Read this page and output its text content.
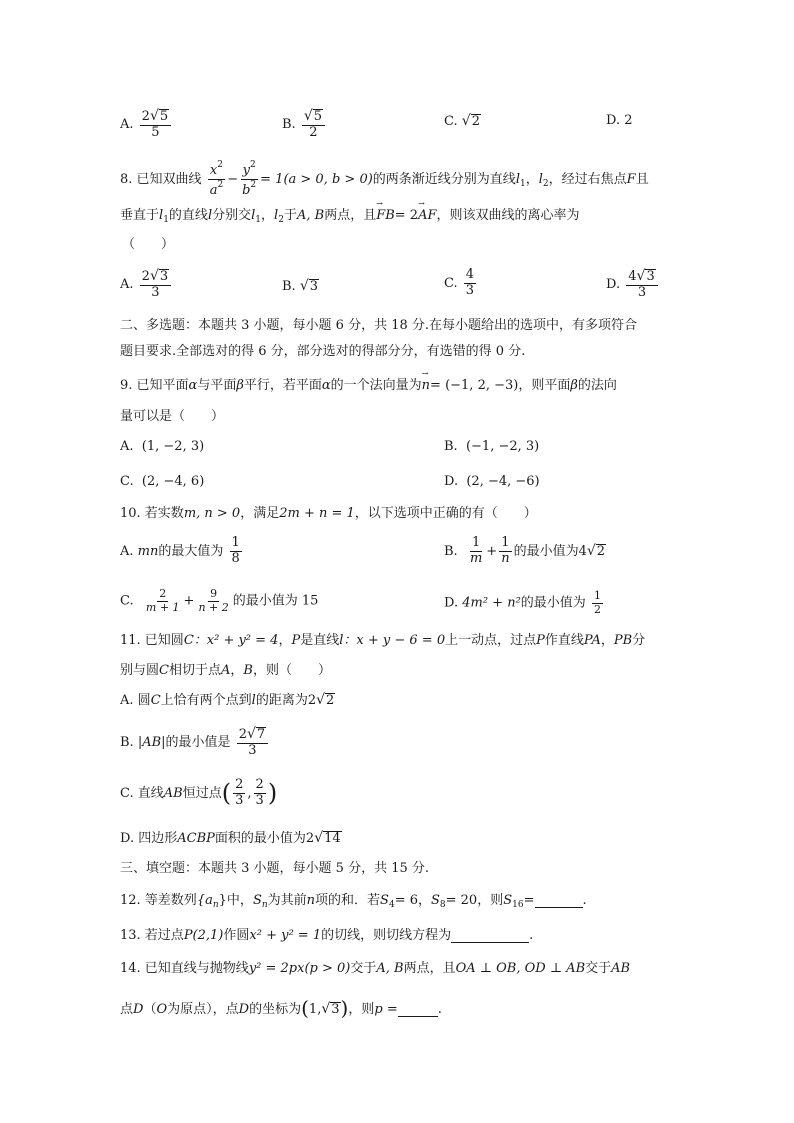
A. $\frac{2√5}{5}$	B. $\frac{√5}{2}$	C. √2	D. 2
8. 已知双曲线 $\frac{x^2}{a^2} - \frac{y^2}{b^2} = 1(a > 0$, b > 0)的两条渐近线分别为直线$l_1$，$l_2$，经过右焦点F且
垂直于$l_1$的直线l分别交$l_1$，$l_2$于A, B两点，且→ FB= 2→ AF，则该双曲线的离心率为
（　　）
A. $\frac{2√3}{3}$	B. √3	C. $\frac{4}{3}$	D. $\frac{4√3}{3}$
二、多选题：本题共 3 小题，每小题 6 分，共 18 分.在每小题给出的选项中，有多项符合
题目要求.全部选对的得 6 分，部分选对的得部分分，有选错的得 0 分.
9. 已知平面α与平面β平行，若平面α的一个法向量为→ n= (−1, 2, −3)，则平面β的法向
量可以是（　　）
A. (1, −2, 3)	B. (−1, −2, 3)
C. (2, −4, 6)	D. (2, −4, −6)
10. 若实数m, n > 0，满足2m + n = 1，以下选项中正确的有（　　）
A. mn的最大值为 $\frac{1}{8}$	B. $\frac{1}{m} + \frac{1}{n}$ 的最小值为4√2
C. $\frac{2}{m + 1} + \frac{9}{n + 2}$ 的最小值为 15	D. 4m² + n²的最小值为 $\frac{1}{2}$
11. 已知圆C：x² + y² = 4，P是直线l：x + y − 6 = 0上一动点，过点P作直线PA，PB分
别与圆C相切于点A，B，则（　　）
A. 圆C上恰有两个点到l的距离为2√2
B. |AB|的最小值是 $\frac{2√7}{3}$
C. 直线AB恒过点( $\frac{2}{3}$ , $\frac{2}{3}$ )
D. 四边形ACBP面积的最小值为2√14
三、填空题：本题共 3 小题，每小题 5 分，共 15 分.
12. 等差数列$\{a_n\}$中，$S_n$为其前n项的和．若$S_4= 6$，$S_8= 20$，则$S_{16}=$	.
13. 若过点P(2,1)作圆x² + y² = 1的切线，则切线方程为	.
14. 已知直线与抛物线y² = 2px(p > 0)交于A, B两点，且OA ⊥ OB, OD ⊥ AB交于AB
点D（O为原点），点D的坐标为(1,√3)，则p =	.
